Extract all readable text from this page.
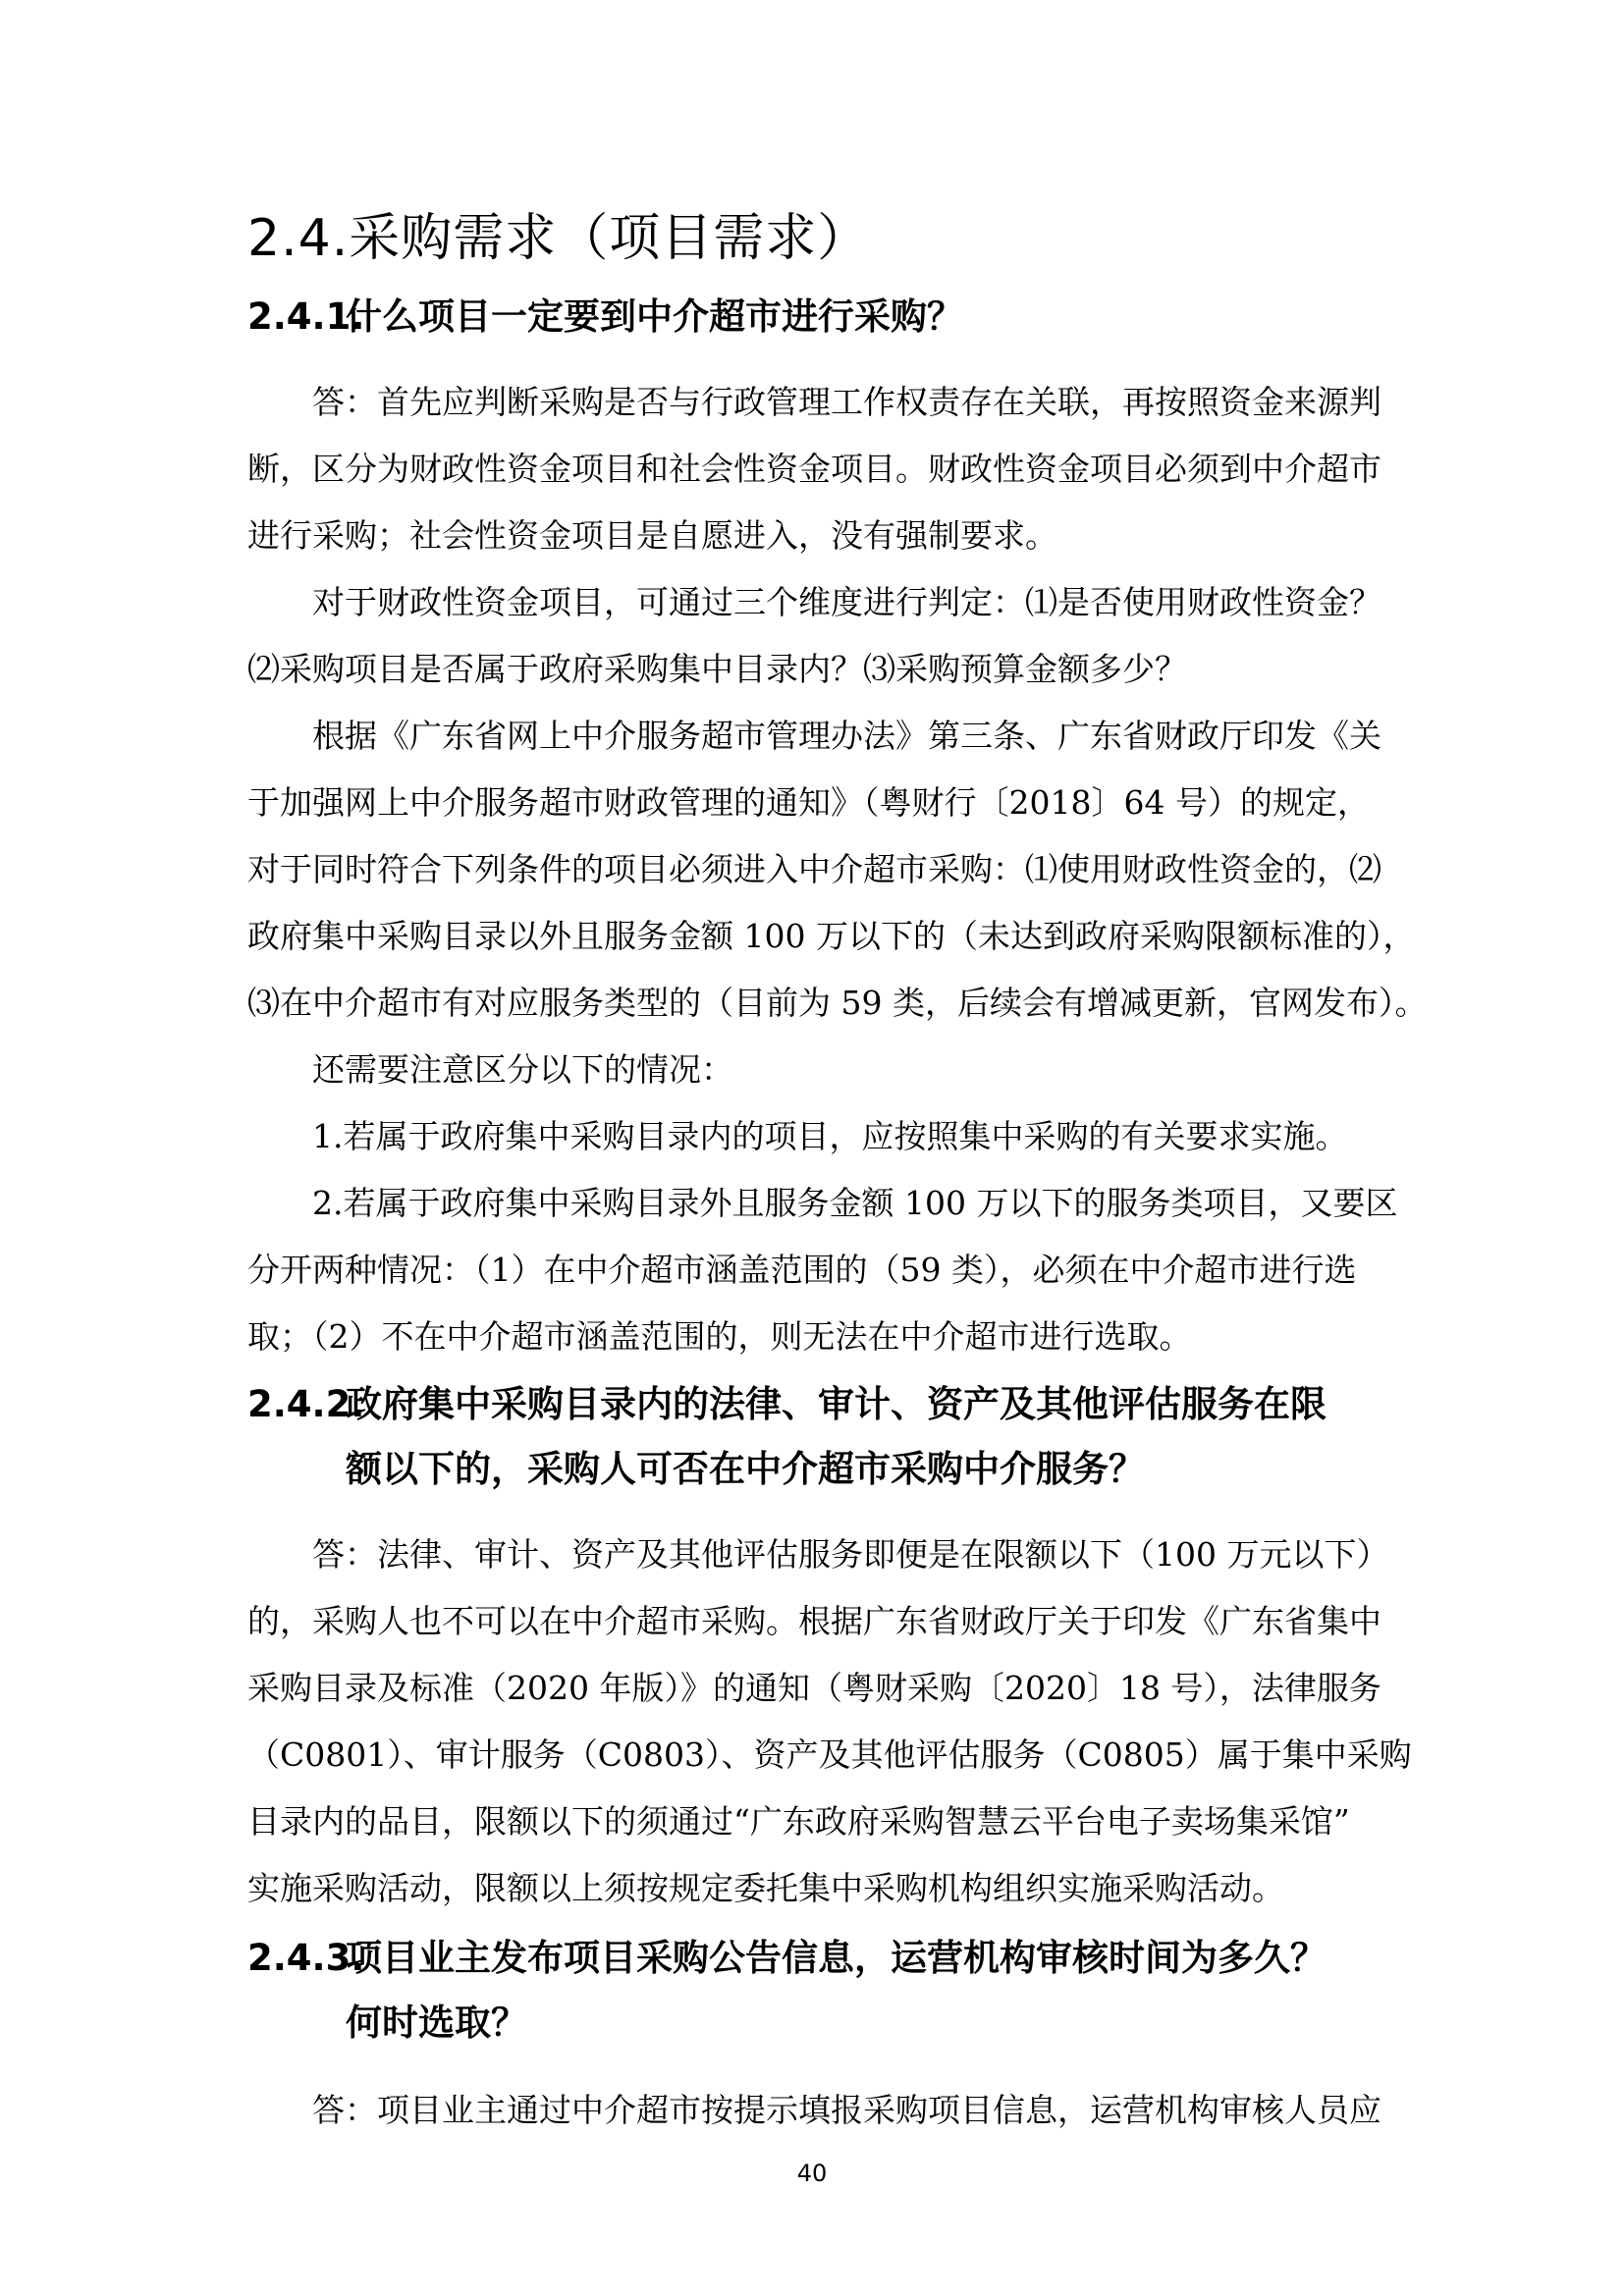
2.4.采购需求（项目需求）
2.4.1.什么项目一定要到中介超市进行采购？
答：首先应判断采购是否与行政管理工作权责存在关联，再按照资金来源判
断，区分为财政性资金项目和社会性资金项目。财政性资金项目必须到中介超市
进行采购；社会性资金项目是自愿进入，没有强制要求。
对于财政性资金项目，可通过三个维度进行判定：⑴是否使用财政性资金？
⑵采购项目是否属于政府采购集中目录内？⑶采购预算金额多少？
根据《广东省网上中介服务超市管理办法》第三条、广东省财政厅印发《关
于加强网上中介服务超市财政管理的通知》（粤财行〔2018〕64 号）的规定，
对于同时符合下列条件的项目必须进入中介超市采购：⑴使用财政性资金的，⑵
政府集中采购目录以外且服务金额 100 万以下的（未达到政府采购限额标准的），
⑶在中介超市有对应服务类型的（目前为 59 类，后续会有增减更新，官网发布）。
还需要注意区分以下的情况：
1.若属于政府集中采购目录内的项目，应按照集中采购的有关要求实施。
2.若属于政府集中采购目录外且服务金额 100 万以下的服务类项目，又要区
分开两种情况：（1）在中介超市涵盖范围的（59 类），必须在中介超市进行选
取；（2）不在中介超市涵盖范围的，则无法在中介超市进行选取。
2.4.2.政府集中采购目录内的法律、审计、资产及其他评估服务在限
额以下的，采购人可否在中介超市采购中介服务？
答：法律、审计、资产及其他评估服务即便是在限额以下（100 万元以下）
的，采购人也不可以在中介超市采购。根据广东省财政厅关于印发《广东省集中
采购目录及标准（2020 年版）》的通知（粤财采购〔2020〕18 号），法律服务
（C0801）、审计服务（C0803）、资产及其他评估服务（C0805）属于集中采购
目录内的品目，限额以下的须通过“广东政府采购智慧云平台电子卖场集采馆”
实施采购活动，限额以上须按规定委托集中采购机构组织实施采购活动。
2.4.3.项目业主发布项目采购公告信息，运营机构审核时间为多久？
何时选取？
答：项目业主通过中介超市按提示填报采购项目信息，运营机构审核人员应
40
